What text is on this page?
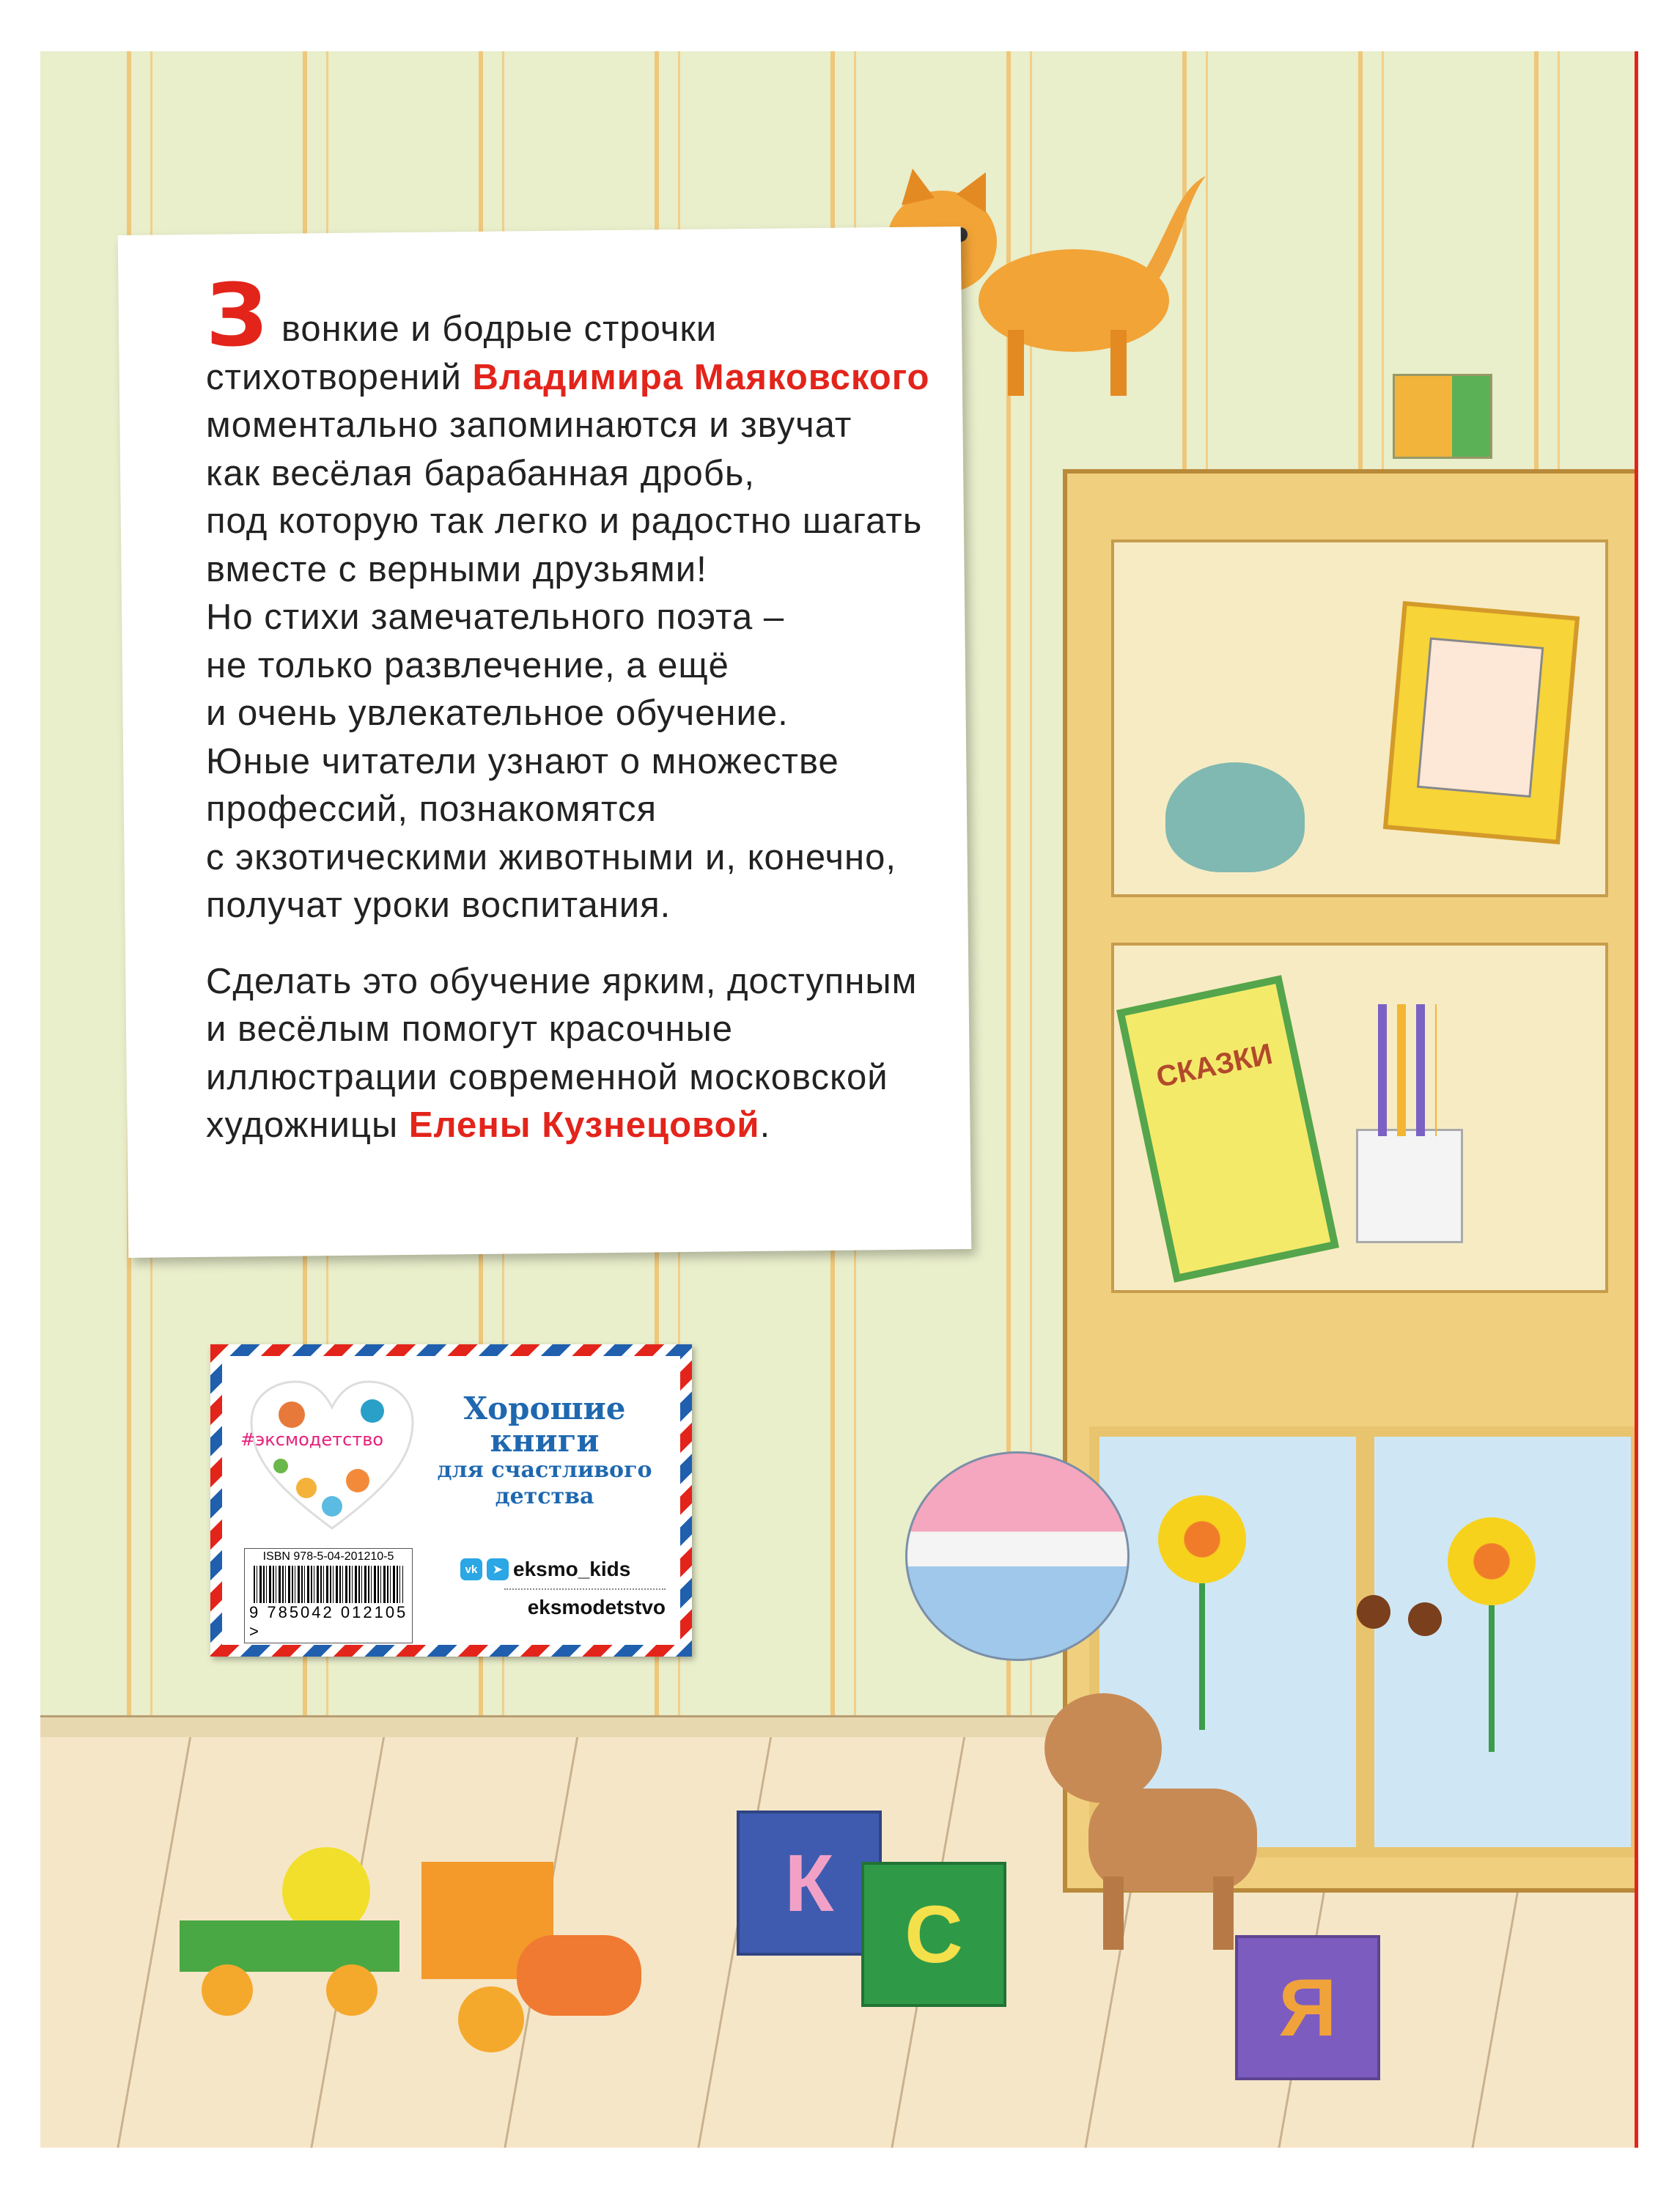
СКАЗКИ
К
С
Я

Звонкие и бодрые строчки
стихотворений Владимира Маяковского
моментально запоминаются и звучат
как весёлая барабанная дробь,
под которую так легко и радостно шагать
вместе с верными друзьями!
Но стихи замечательного поэта –
не только развлечение, а ещё
и очень увлекательное обучение.
Юные читатели узнают о множестве
профессий, познакомятся
с экзотическими животными и, конечно,
получат уроки воспитания.

Сделать это обучение ярким, доступным
и весёлым помогут красочные
иллюстрации современной московской
художницы Елены Кузнецовой.

#эксмодетство
Хорошие
книги
для счастливого
детства
ISBN 978-5-04-201210-5
9 785042 012105 >
vk	➤ eksmo_kids
eksmodetstvo
